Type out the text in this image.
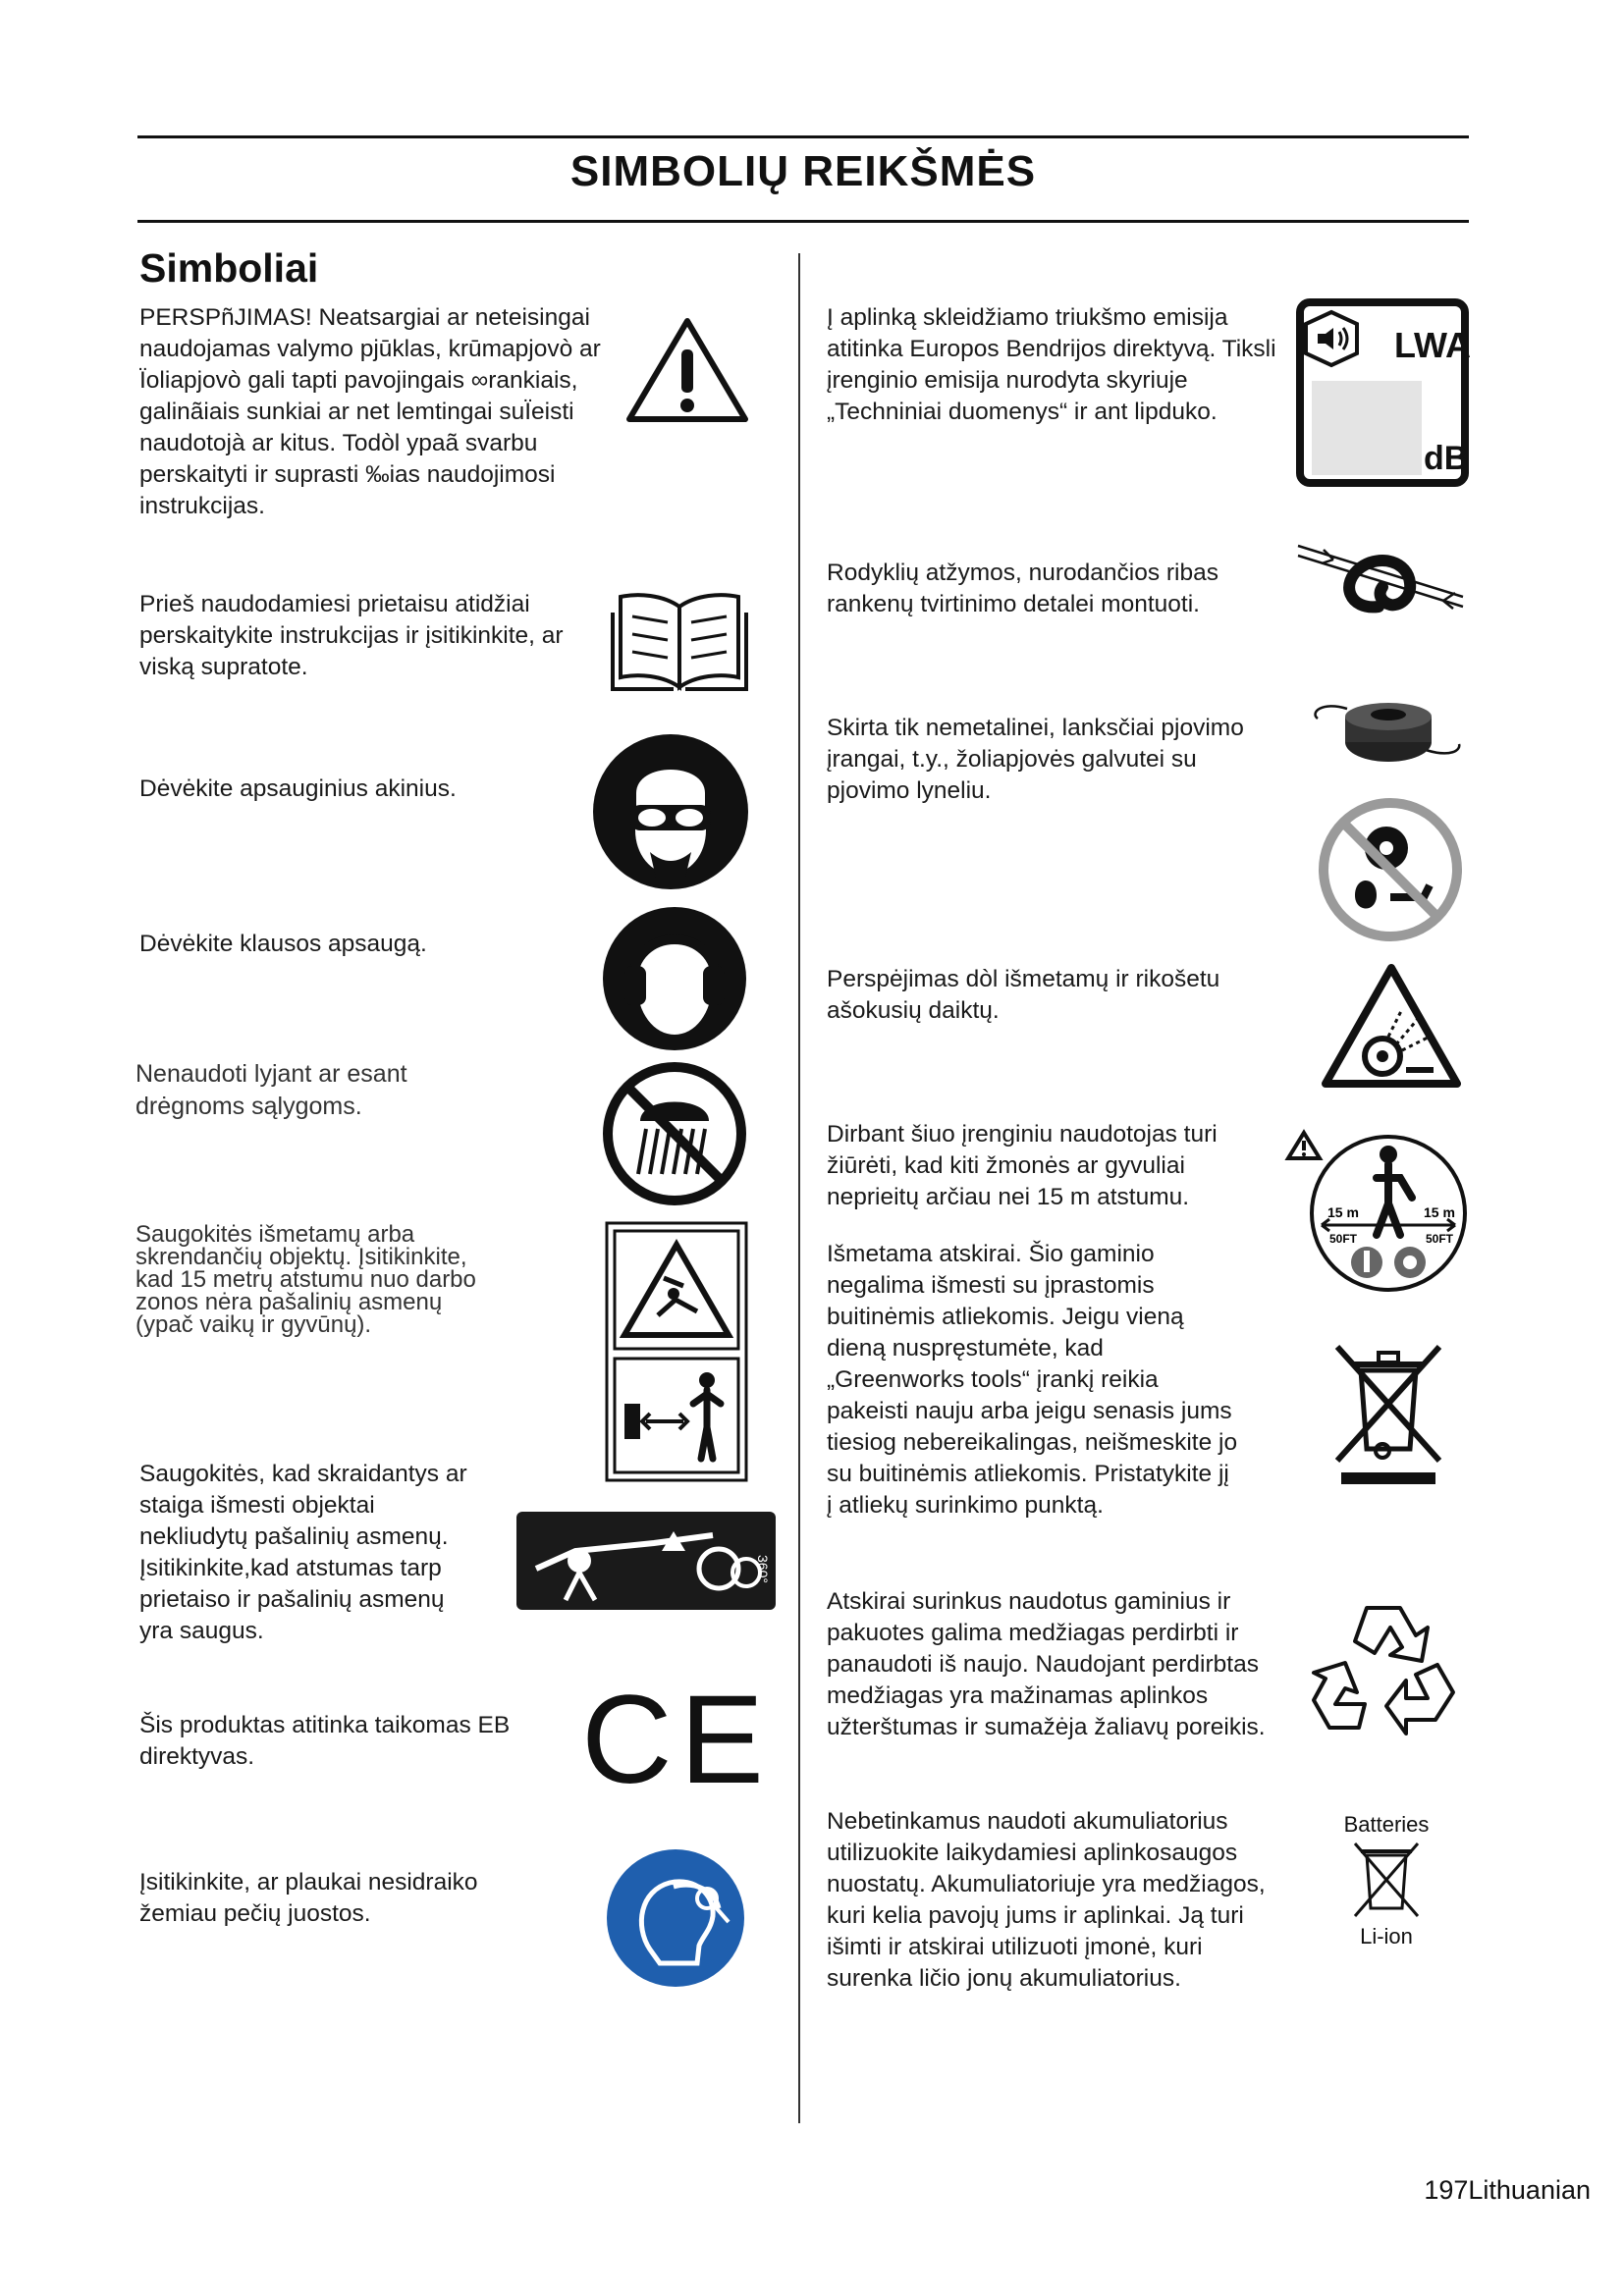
SIMBOLIŲ REIKŠMĖS
Simboliai

PERSPñJIMAS! Neatsargiai ar neteisingai naudojamas valymo pjūklas, krūmapjovò ar Ïoliapjovò gali tapti pavojingais ∞rankiais, galinãiais sunkiai ar net lemtingai suÏeisti naudotojà ar kitus. Todòl ypaã svarbu perskaityti ir suprasti ‰ias naudojimosi instrukcijas.

Prieš naudodamiesi prietaisu atidžiai perskaitykite instrukcijas ir įsitikinkite, ar viską supratote.

Dėvėkite apsauginius akinius.

Dėvėkite klausos apsaugą.

Nenaudoti lyjant ar esant drėgnoms sąlygoms.

Saugokitės išmetamų arba skrendančių objektų. Įsitikinkite, kad 15 metrų atstumu nuo darbo zonos nėra pašalinių asmenų (ypač vaikų ir gyvūnų).

Saugokitės, kad skraidantys ar staiga išmesti objektai nekliudytų pašalinių asmenų. Įsitikinkite,kad atstumas tarp prietaiso ir pašalinių asmenų yra saugus.

360°

Šis produktas atitinka taikomas EB direktyvas.	CE

Įsitikinkite, ar plaukai nesidraiko žemiau pečių juostos.

Į aplinką skleidžiamo triukšmo emisija atitinka Europos Bendrijos direktyvą. Tiksli įrenginio emisija nurodyta skyriuje „Techniniai duomenys“ ir ant lipduko.

LWA
dB

Rodyklių atžymos, nurodančios ribas rankenų tvirtinimo detalei montuoti.

Skirta tik nemetalinei, lanksčiai pjovimo įrangai, t.y., žoliapjovės galvutei su pjovimo lyneliu.

Perspėjimas dòl išmetamų ir rikošetu ašokusių daiktų.

Dirbant šiuo įrenginiu naudotojas turi žiūrėti, kad kiti žmonės ar gyvuliai neprieitų arčiau nei 15 m atstumu.

15 m
50FT
15 m
50FT

Išmetama atskirai. Šio gaminio negalima išmesti su įprastomis buitinėmis atliekomis. Jeigu vieną dieną nuspręstumėte, kad „Greenworks tools“ įrankį reikia pakeisti nauju arba jeigu senasis jums tiesiog nebereikalingas, neišmeskite jo su buitinėmis atliekomis. Pristatykite jį į atliekų surinkimo punktą.

Atskirai surinkus naudotus gaminius ir pakuotes galima medžiagas perdirbti ir panaudoti iš naujo. Naudojant perdirbtas medžiagas yra mažinamas aplinkos užterštumas ir sumažėja žaliavų poreikis.

Nebetinkamus naudoti akumuliatorius utilizuokite laikydamiesi aplinkosaugos nuostatų. Akumuliatoriuje yra medžiagos, kuri kelia pavojų jums ir aplinkai. Ją turi išimti ir atskirai utilizuoti įmonė, kuri surenka ličio jonų akumuliatorius.

Batteries
Li-ion
197Lithuanian
